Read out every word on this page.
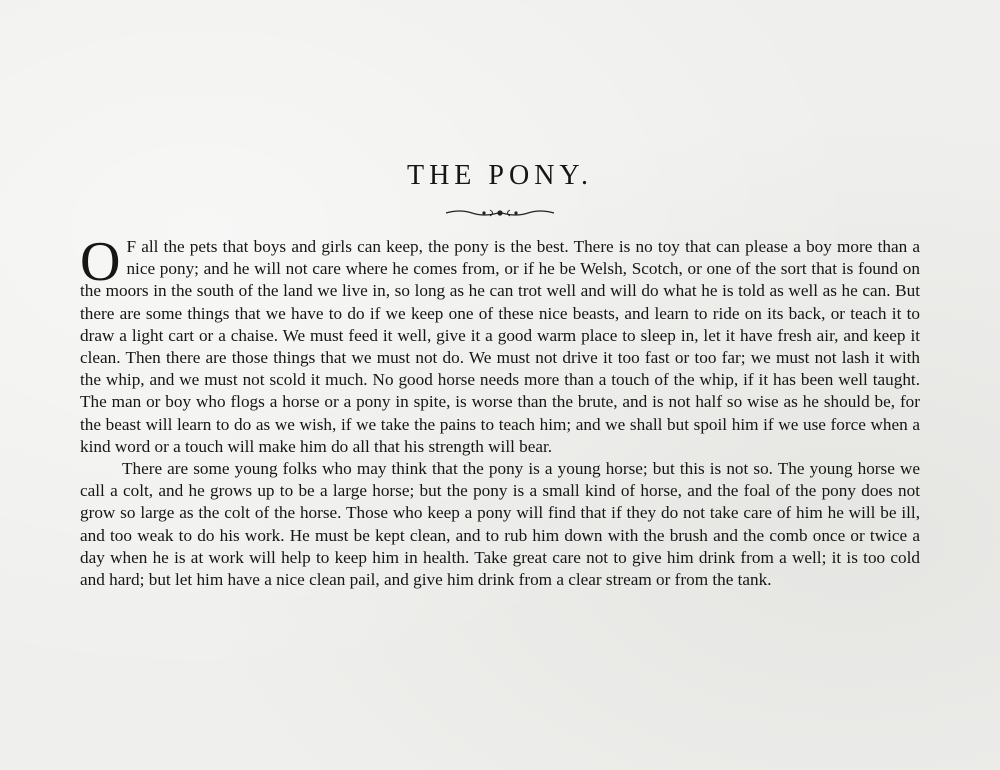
THE PONY.

OF all the pets that boys and girls can keep, the pony is the best. There is no toy that can please a boy more than a nice pony; and he will not care where he comes from, or if he be Welsh, Scotch, or one of the sort that is found on the moors in the south of the land we live in, so long as he can trot well and will do what he is told as well as he can. But there are some things that we have to do if we keep one of these nice beasts, and learn to ride on its back, or teach it to draw a light cart or a chaise. We must feed it well, give it a good warm place to sleep in, let it have fresh air, and keep it clean. Then there are those things that we must not do. We must not drive it too fast or too far; we must not lash it with the whip, and we must not scold it much. No good horse needs more than a touch of the whip, if it has been well taught. The man or boy who flogs a horse or a pony in spite, is worse than the brute, and is not half so wise as he should be, for the beast will learn to do as we wish, if we take the pains to teach him; and we shall but spoil him if we use force when a kind word or a touch will make him do all that his strength will bear.

There are some young folks who may think that the pony is a young horse; but this is not so. The young horse we call a colt, and he grows up to be a large horse; but the pony is a small kind of horse, and the foal of the pony does not grow so large as the colt of the horse. Those who keep a pony will find that if they do not take care of him he will be ill, and too weak to do his work. He must be kept clean, and to rub him down with the brush and the comb once or twice a day when he is at work will help to keep him in health. Take great care not to give him drink from a well; it is too cold and hard; but let him have a nice clean pail, and give him drink from a clear stream or from the tank.
